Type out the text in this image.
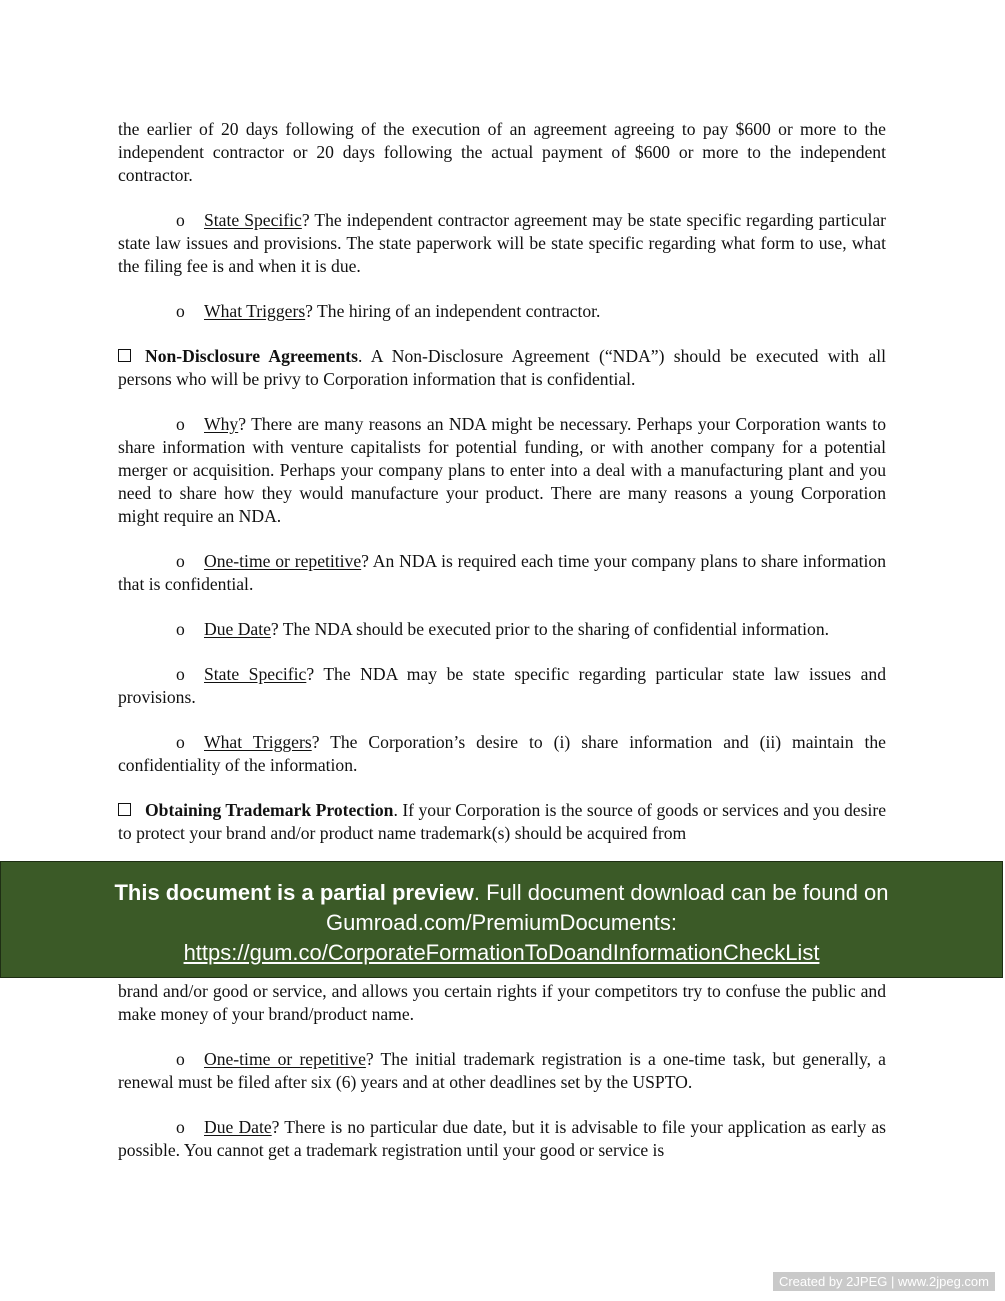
the earlier of 20 days following of the execution of an agreement agreeing to pay $600 or more to the independent contractor or 20 days following the actual payment of $600 or more to the independent contractor.

o State Specific? The independent contractor agreement may be state specific regarding particular state law issues and provisions. The state paperwork will be state specific regarding what form to use, what the filing fee is and when it is due.

o What Triggers? The hiring of an independent contractor.

Non-Disclosure Agreements. A Non-Disclosure Agreement (“NDA”) should be executed with all persons who will be privy to Corporation information that is confidential.

o Why? There are many reasons an NDA might be necessary. Perhaps your Corporation wants to share information with venture capitalists for potential funding, or with another company for a potential merger or acquisition. Perhaps your company plans to enter into a deal with a manufacturing plant and you need to share how they would manufacture your product. There are many reasons a young Corporation might require an NDA.

o One-time or repetitive? An NDA is required each time your company plans to share information that is confidential.

o Due Date? The NDA should be executed prior to the sharing of confidential information.

o State Specific? The NDA may be state specific regarding particular state law issues and provisions.

o What Triggers? The Corporation’s desire to (i) share information and (ii) maintain the confidentiality of the information.

Obtaining Trademark Protection. If your Corporation is the source of goods or services and you desire to protect your brand and/or product name trademark(s) should be acquired from

brand and/or good or service, and allows you certain rights if your competitors try to confuse the public and make money of your brand/product name.

o One-time or repetitive? The initial trademark registration is a one-time task, but generally, a renewal must be filed after six (6) years and at other deadlines set by the USPTO.

o Due Date? There is no particular due date, but it is advisable to file your application as early as possible. You cannot get a trademark registration until your good or service is

This document is a partial preview. Full document download can be found on
Gumroad.com/PremiumDocuments:
https://gum.co/CorporateFormationToDoandInformationCheckList
Created by 2JPEG | www.2jpeg.com
